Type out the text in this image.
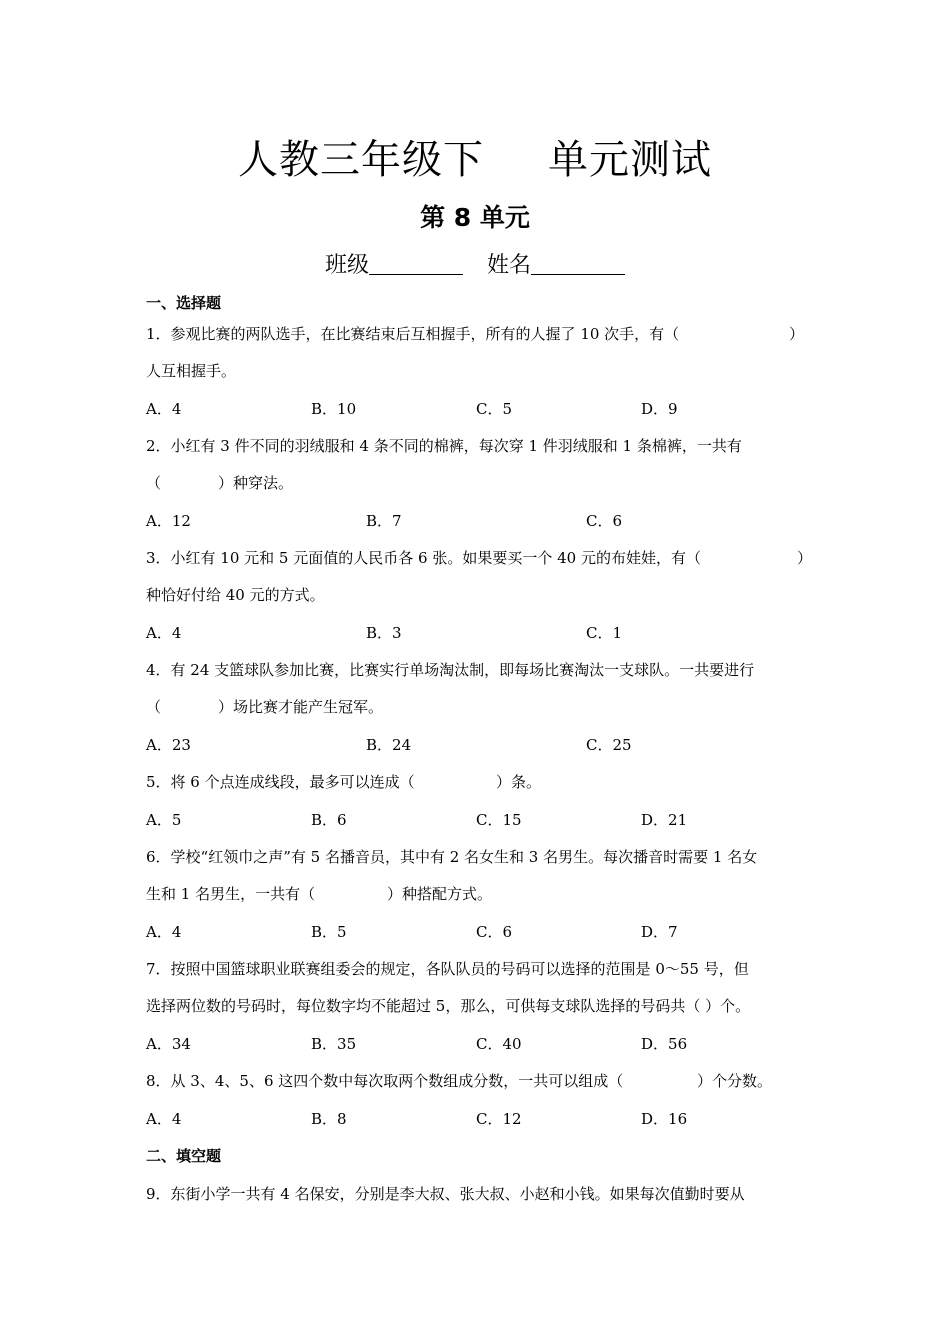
人教三年级下 单元测试
第 8 单元
班级	姓名
一、选择题
1．参观比赛的两队选手，在比赛结束后互相握手，所有的人握了 10 次手，有（	）
人互相握手。
A．4	B．10	C．5	D．9
2．小红有 3 件不同的羽绒服和 4 条不同的棉裤，每次穿 1 件羽绒服和 1 条棉裤，一共有
（	）种穿法。
A．12	B．7	C．6
3．小红有 10 元和 5 元面值的人民币各 6 张。如果要买一个 40 元的布娃娃，有（	）
种恰好付给 40 元的方式。
A．4	B．3	C．1
4．有 24 支篮球队参加比赛，比赛实行单场淘汰制，即每场比赛淘汰一支球队。一共要进行
（	）场比赛才能产生冠军。
A．23	B．24	C．25
5．将 6 个点连成线段，最多可以连成（	）条。
A．5	B．6	C．15	D．21
6．学校“红领巾之声”有 5 名播音员，其中有 2 名女生和 3 名男生。每次播音时需要 1 名女
生和 1 名男生，一共有（	）种搭配方式。
A．4	B．5	C．6	D．7
7．按照中国篮球职业联赛组委会的规定，各队队员的号码可以选择的范围是 0～55 号，但
选择两位数的号码时，每位数字均不能超过 5，那么，可供每支球队选择的号码共（ ）个。
A．34	B．35	C．40	D．56
8．从 3、4、5、6 这四个数中每次取两个数组成分数，一共可以组成（	）个分数。
A．4	B．8	C．12	D．16
二、填空题
9．东街小学一共有 4 名保安，分别是李大叔、张大叔、小赵和小钱。如果每次值勤时要从
